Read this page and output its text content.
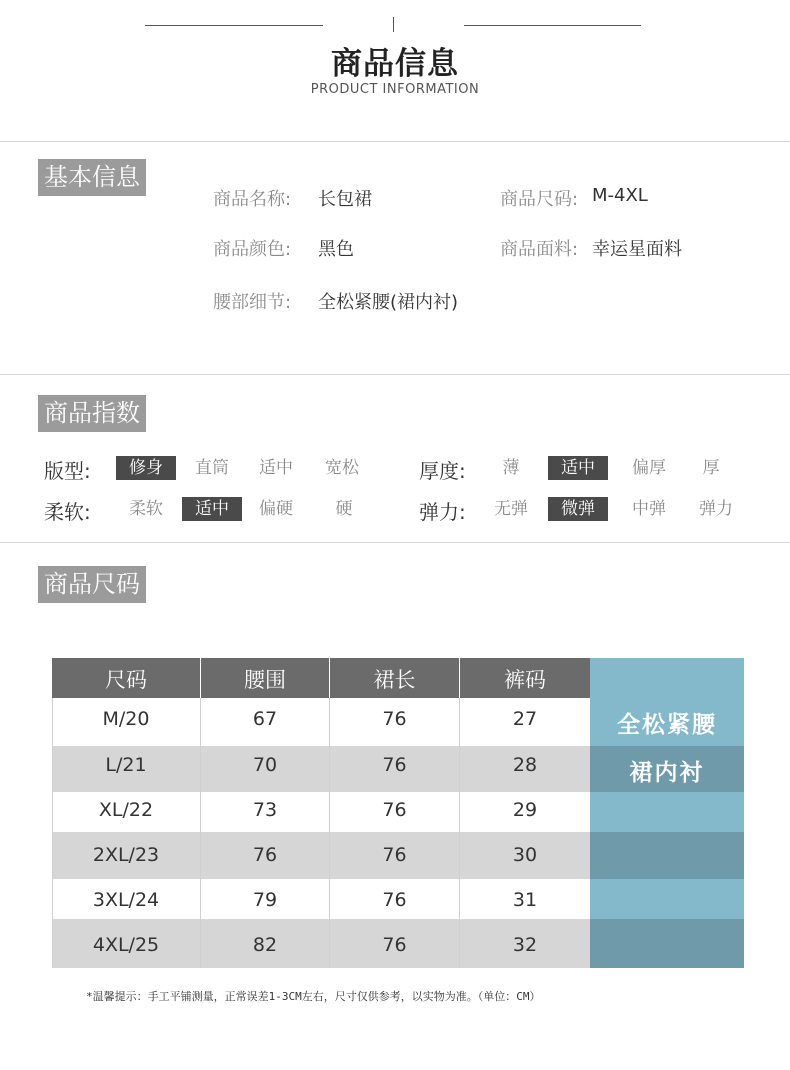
商品信息
PRODUCT INFORMATION
基本信息
商品名称: 长包裙	商品尺码: M-4XL
商品颜色: 黑色	商品面料: 幸运星面料
腰部细节: 全松紧腰(裙内衬)
商品指数
版型:	修身	直筒	适中	宽松	厚度:	薄	适中	偏厚	厚
柔软:	柔软	适中	偏硬	硬	弹力:	无弹	微弹	中弹	弹力
商品尺码
尺码	腰围	裙长	裤码
全松紧腰
裙内衬
M/20	67	76	27
L/21	70	76	28
XL/22	73	76	29
2XL/23	76	76	30
3XL/24	79	76	31
4XL/25	82	76	32
*温馨提示：手工平铺测量，正常误差1-3CM左右，尺寸仅供参考，以实物为准。（单位：CM）
